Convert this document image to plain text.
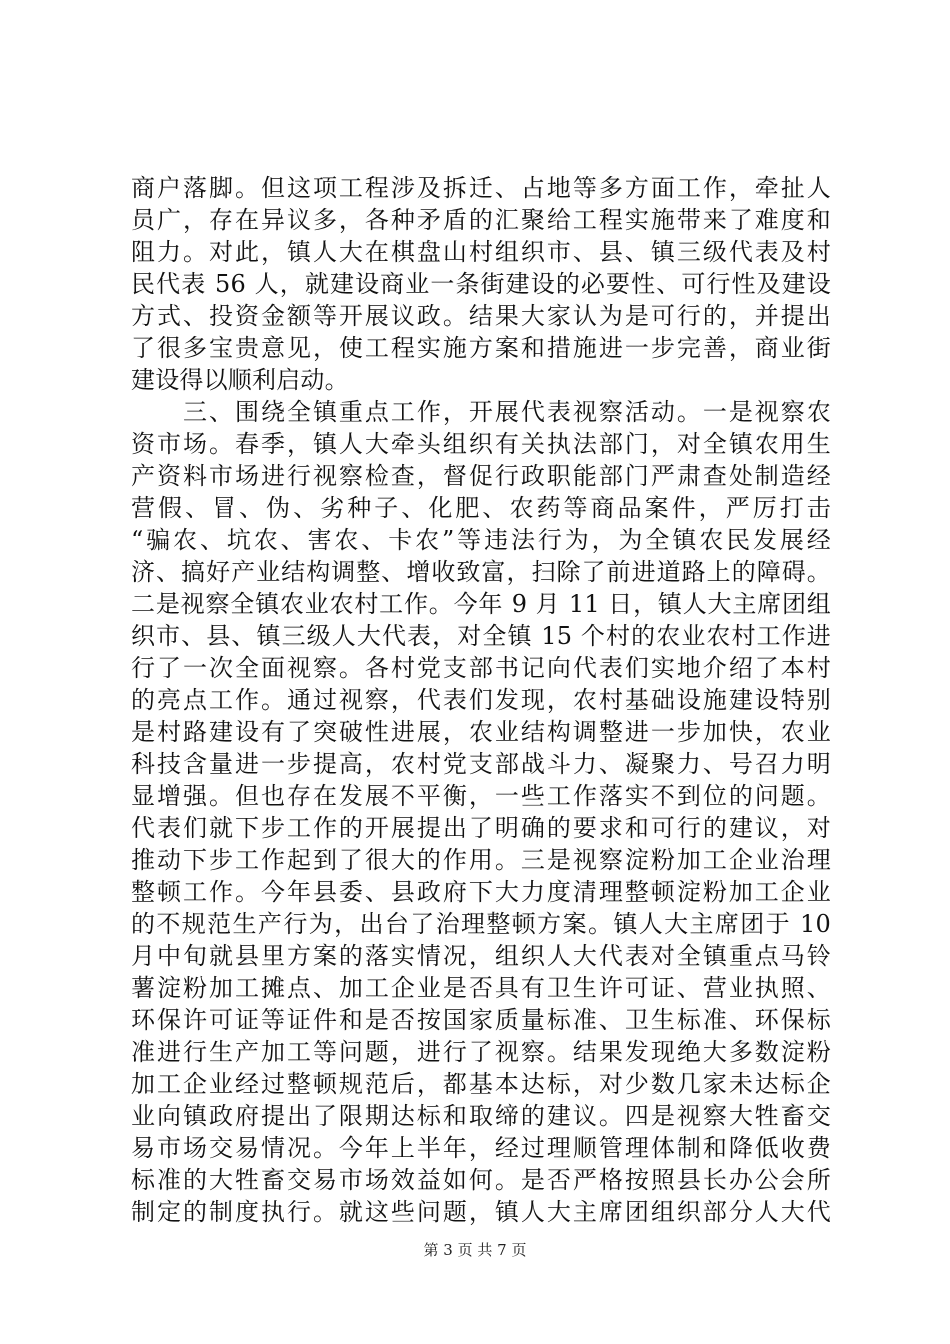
商户落脚。但这项工程涉及拆迁、占地等多方面工作，牵扯人
员广，存在异议多，各种矛盾的汇聚给工程实施带来了难度和
阻力。对此，镇人大在棋盘山村组织市、县、镇三级代表及村
民代表 56 人，就建设商业一条街建设的必要性、可行性及建设
方式、投资金额等开展议政。结果大家认为是可行的，并提出
了很多宝贵意见，使工程实施方案和措施进一步完善，商业街
建设得以顺利启动。
　　三、围绕全镇重点工作，开展代表视察活动。一是视察农
资市场。春季，镇人大牵头组织有关执法部门，对全镇农用生
产资料市场进行视察检查，督促行政职能部门严肃查处制造经
营假、冒、伪、劣种子、化肥、农药等商品案件，严厉打击
“骗农、坑农、害农、卡农”等违法行为，为全镇农民发展经
济、搞好产业结构调整、增收致富，扫除了前进道路上的障碍。
二是视察全镇农业农村工作。今年 9 月 11 日，镇人大主席团组
织市、县、镇三级人大代表，对全镇 15 个村的农业农村工作进
行了一次全面视察。各村党支部书记向代表们实地介绍了本村
的亮点工作。通过视察，代表们发现，农村基础设施建设特别
是村路建设有了突破性进展，农业结构调整进一步加快，农业
科技含量进一步提高，农村党支部战斗力、凝聚力、号召力明
显增强。但也存在发展不平衡，一些工作落实不到位的问题。
代表们就下步工作的开展提出了明确的要求和可行的建议，对
推动下步工作起到了很大的作用。三是视察淀粉加工企业治理
整顿工作。今年县委、县政府下大力度清理整顿淀粉加工企业
的不规范生产行为，出台了治理整顿方案。镇人大主席团于 10
月中旬就县里方案的落实情况，组织人大代表对全镇重点马铃
薯淀粉加工摊点、加工企业是否具有卫生许可证、营业执照、
环保许可证等证件和是否按国家质量标准、卫生标准、环保标
准进行生产加工等问题，进行了视察。结果发现绝大多数淀粉
加工企业经过整顿规范后，都基本达标，对少数几家未达标企
业向镇政府提出了限期达标和取缔的建议。四是视察大牲畜交
易市场交易情况。今年上半年，经过理顺管理体制和降低收费
标准的大牲畜交易市场效益如何。是否严格按照县长办公会所
制定的制度执行。就这些问题，镇人大主席团组织部分人大代
第 3 页 共 7 页
